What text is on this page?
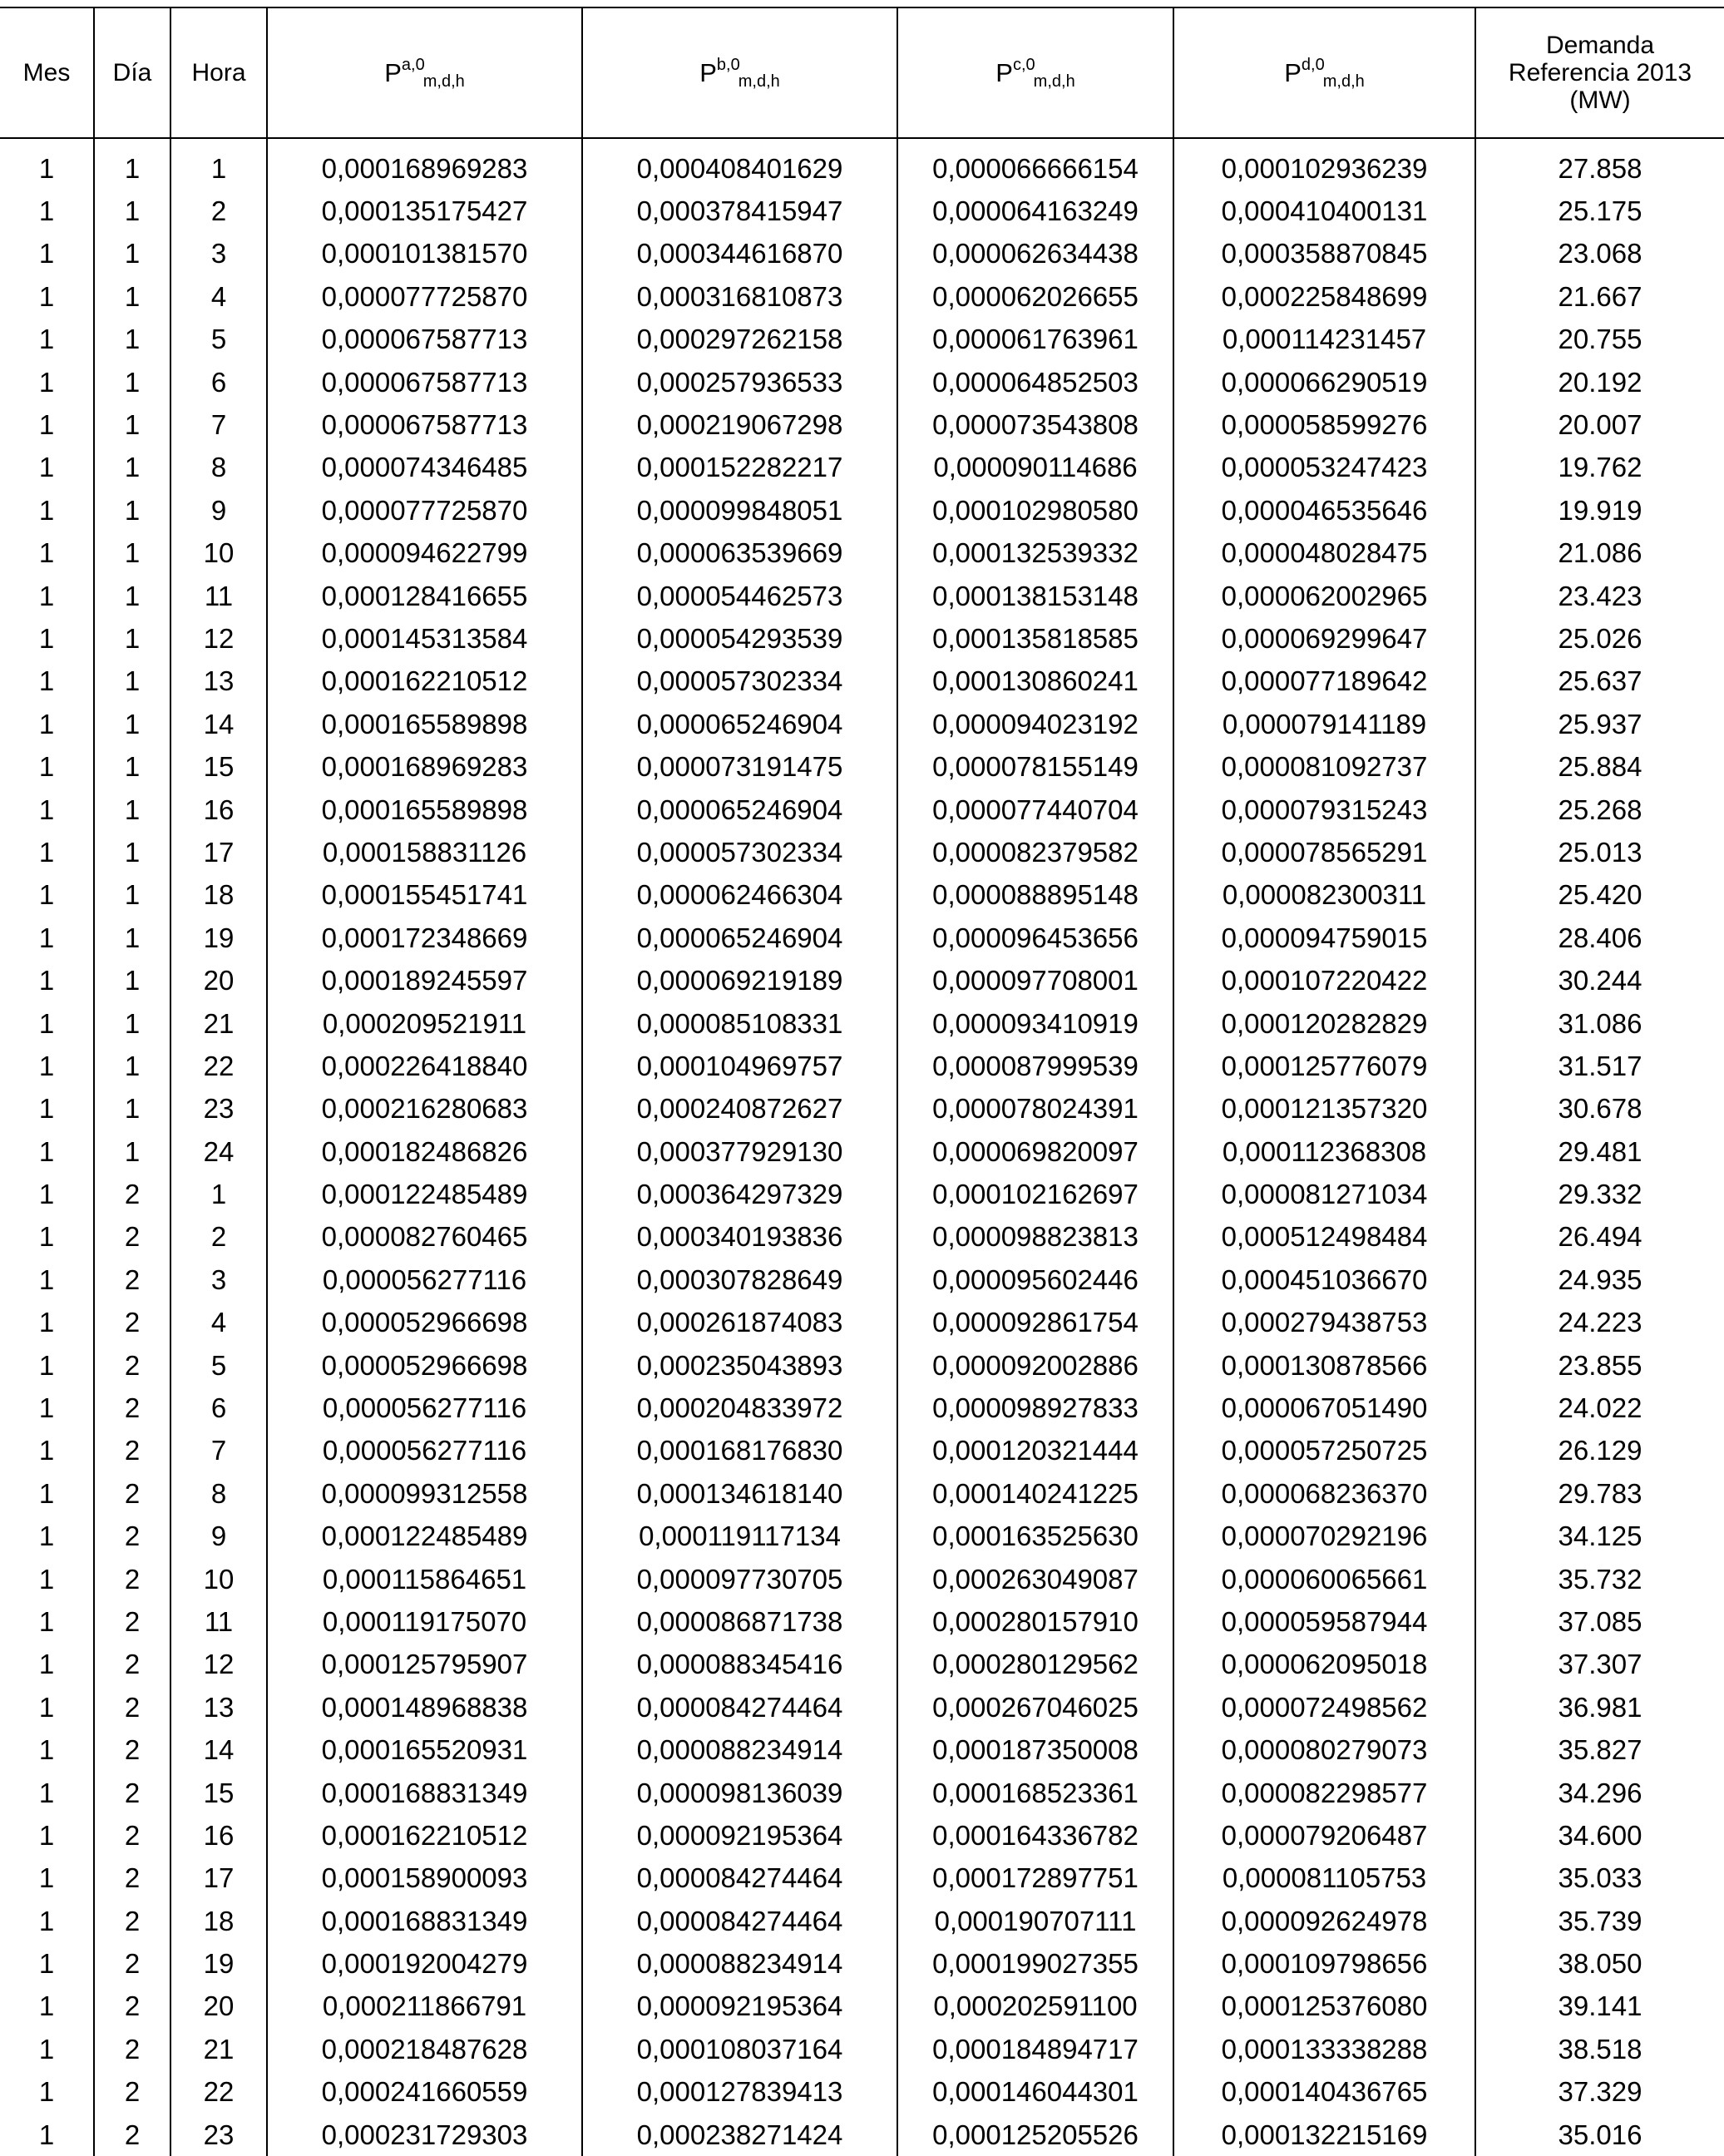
Mes	Día	Hora	P$^{a,0}_{m,d,h}$	P$^{b,0}_{m,d,h}$	P$^{c,0}_{m,d,h}$	P$^{d,0}_{m,d,h}$	Demanda
Referencia 2013
(MW)

1	1	1	0,000168969283	0,000408401629	0,000066666154	0,000102936239	27.858
1	1	2	0,000135175427	0,000378415947	0,000064163249	0,000410400131	25.175
1	1	3	0,000101381570	0,000344616870	0,000062634438	0,000358870845	23.068
1	1	4	0,000077725870	0,000316810873	0,000062026655	0,000225848699	21.667
1	1	5	0,000067587713	0,000297262158	0,000061763961	0,000114231457	20.755
1	1	6	0,000067587713	0,000257936533	0,000064852503	0,000066290519	20.192
1	1	7	0,000067587713	0,000219067298	0,000073543808	0,000058599276	20.007
1	1	8	0,000074346485	0,000152282217	0,000090114686	0,000053247423	19.762
1	1	9	0,000077725870	0,000099848051	0,000102980580	0,000046535646	19.919
1	1	10	0,000094622799	0,000063539669	0,000132539332	0,000048028475	21.086
1	1	11	0,000128416655	0,000054462573	0,000138153148	0,000062002965	23.423
1	1	12	0,000145313584	0,000054293539	0,000135818585	0,000069299647	25.026
1	1	13	0,000162210512	0,000057302334	0,000130860241	0,000077189642	25.637
1	1	14	0,000165589898	0,000065246904	0,000094023192	0,000079141189	25.937
1	1	15	0,000168969283	0,000073191475	0,000078155149	0,000081092737	25.884
1	1	16	0,000165589898	0,000065246904	0,000077440704	0,000079315243	25.268
1	1	17	0,000158831126	0,000057302334	0,000082379582	0,000078565291	25.013
1	1	18	0,000155451741	0,000062466304	0,000088895148	0,000082300311	25.420
1	1	19	0,000172348669	0,000065246904	0,000096453656	0,000094759015	28.406
1	1	20	0,000189245597	0,000069219189	0,000097708001	0,000107220422	30.244
1	1	21	0,000209521911	0,000085108331	0,000093410919	0,000120282829	31.086
1	1	22	0,000226418840	0,000104969757	0,000087999539	0,000125776079	31.517
1	1	23	0,000216280683	0,000240872627	0,000078024391	0,000121357320	30.678
1	1	24	0,000182486826	0,000377929130	0,000069820097	0,000112368308	29.481
1	2	1	0,000122485489	0,000364297329	0,000102162697	0,000081271034	29.332
1	2	2	0,000082760465	0,000340193836	0,000098823813	0,000512498484	26.494
1	2	3	0,000056277116	0,000307828649	0,000095602446	0,000451036670	24.935
1	2	4	0,000052966698	0,000261874083	0,000092861754	0,000279438753	24.223
1	2	5	0,000052966698	0,000235043893	0,000092002886	0,000130878566	23.855
1	2	6	0,000056277116	0,000204833972	0,000098927833	0,000067051490	24.022
1	2	7	0,000056277116	0,000168176830	0,000120321444	0,000057250725	26.129
1	2	8	0,000099312558	0,000134618140	0,000140241225	0,000068236370	29.783
1	2	9	0,000122485489	0,000119117134	0,000163525630	0,000070292196	34.125
1	2	10	0,000115864651	0,000097730705	0,000263049087	0,000060065661	35.732
1	2	11	0,000119175070	0,000086871738	0,000280157910	0,000059587944	37.085
1	2	12	0,000125795907	0,000088345416	0,000280129562	0,000062095018	37.307
1	2	13	0,000148968838	0,000084274464	0,000267046025	0,000072498562	36.981
1	2	14	0,000165520931	0,000088234914	0,000187350008	0,000080279073	35.827
1	2	15	0,000168831349	0,000098136039	0,000168523361	0,000082298577	34.296
1	2	16	0,000162210512	0,000092195364	0,000164336782	0,000079206487	34.600
1	2	17	0,000158900093	0,000084274464	0,000172897751	0,000081105753	35.033
1	2	18	0,000168831349	0,000084274464	0,000190707111	0,000092624978	35.739
1	2	19	0,000192004279	0,000088234914	0,000199027355	0,000109798656	38.050
1	2	20	0,000211866791	0,000092195364	0,000202591100	0,000125376080	39.141
1	2	21	0,000218487628	0,000108037164	0,000184894717	0,000133338288	38.518
1	2	22	0,000241660559	0,000127839413	0,000146044301	0,000140436765	37.329
1	2	23	0,000231729303	0,000238271424	0,000125205526	0,000132215169	35.016
